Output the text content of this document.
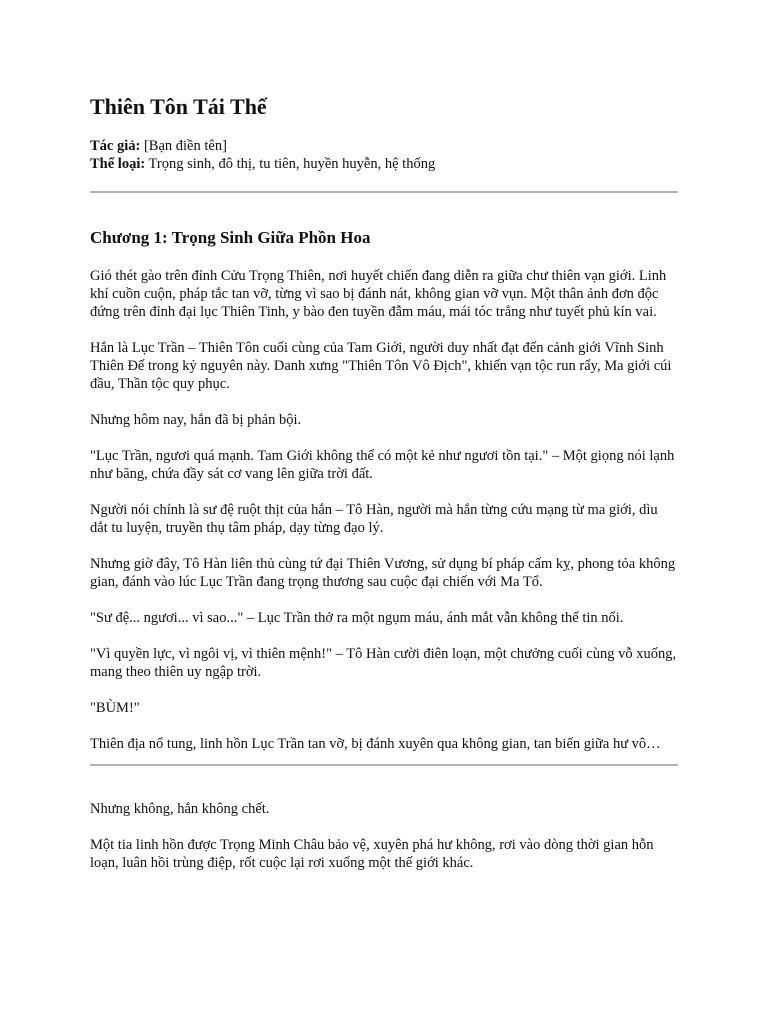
Thiên Tôn Tái Thế
Tác giả: [Bạn điền tên]
Thể loại: Trọng sinh, đô thị, tu tiên, huyền huyễn, hệ thống
Chương 1: Trọng Sinh Giữa Phồn Hoa

Gió thét gào trên đỉnh Cửu Trọng Thiên, nơi huyết chiến đang diễn ra giữa chư thiên vạn giới. Linh khí cuồn cuộn, pháp tắc tan vỡ, từng vì sao bị đánh nát, không gian vỡ vụn. Một thân ảnh đơn độc đứng trên đỉnh đại lục Thiên Tinh, y bào đen tuyền đẫm máu, mái tóc trắng như tuyết phủ kín vai.

Hắn là Lục Trần – Thiên Tôn cuối cùng của Tam Giới, người duy nhất đạt đến cảnh giới Vĩnh Sinh Thiên Đế trong kỷ nguyên này. Danh xưng "Thiên Tôn Vô Địch", khiến vạn tộc run rẩy, Ma giới cúi đầu, Thần tộc quy phục.

Nhưng hôm nay, hắn đã bị phản bội.

"Lục Trần, ngươi quá mạnh. Tam Giới không thể có một kẻ như ngươi tồn tại." – Một giọng nói lạnh như băng, chứa đầy sát cơ vang lên giữa trời đất.

Người nói chính là sư đệ ruột thịt của hắn – Tô Hàn, người mà hắn từng cứu mạng từ ma giới, dìu dắt tu luyện, truyền thụ tâm pháp, dạy từng đạo lý.

Nhưng giờ đây, Tô Hàn liên thủ cùng tứ đại Thiên Vương, sử dụng bí pháp cấm kỵ, phong tỏa không gian, đánh vào lúc Lục Trần đang trọng thương sau cuộc đại chiến với Ma Tổ.

"Sư đệ... ngươi... vì sao..." – Lục Trần thở ra một ngụm máu, ánh mắt vẫn không thể tin nổi.

"Vì quyền lực, vì ngôi vị, vì thiên mệnh!" – Tô Hàn cười điên loạn, một chưởng cuối cùng vỗ xuống, mang theo thiên uy ngập trời.

"BÙM!"

Thiên địa nổ tung, linh hồn Lục Trần tan vỡ, bị đánh xuyên qua không gian, tan biến giữa hư vô…

Nhưng không, hắn không chết.

Một tia linh hồn được Trọng Minh Châu bảo vệ, xuyên phá hư không, rơi vào dòng thời gian hỗn loạn, luân hồi trùng điệp, rốt cuộc lại rơi xuống một thế giới khác.
